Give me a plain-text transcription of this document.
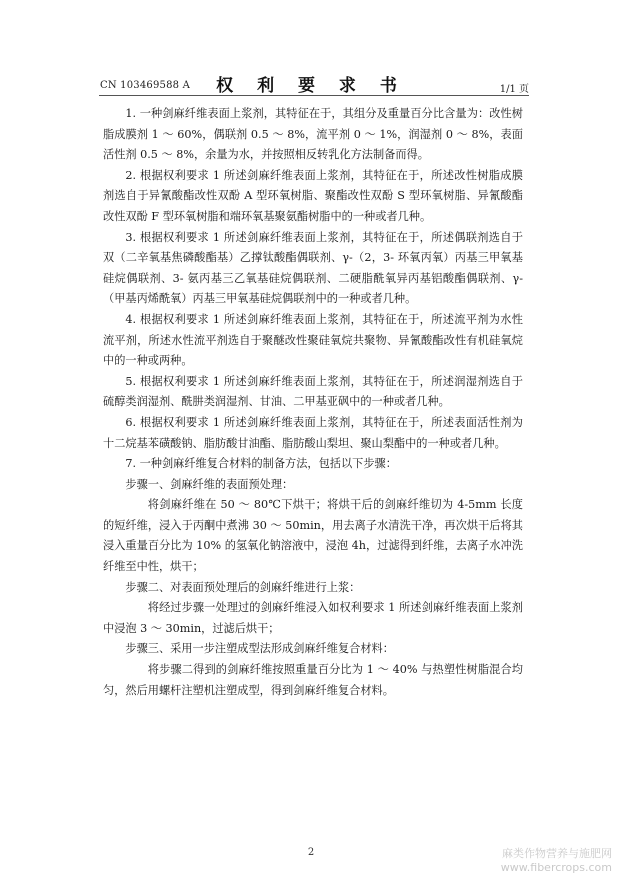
CN 103469588 A	权 利 要 求 书	1/1 页

1. 一种剑麻纤维表面上浆剂，其特征在于，其组分及重量百分比含量为：改性树脂成膜剂 1 ～ 60%，偶联剂 0.5 ～ 8%，流平剂 0 ～ 1%，润湿剂 0 ～ 8%，表面活性剂 0.5 ～ 8%，余量为水，并按照相反转乳化方法制备而得。

2. 根据权利要求 1 所述剑麻纤维表面上浆剂，其特征在于，所述改性树脂成膜剂选自于异氰酸酯改性双酚 A 型环氧树脂、聚酯改性双酚 S 型环氧树脂、异氰酸酯改性双酚 F 型环氧树脂和端环氧基聚氨酯树脂中的一种或者几种。

3. 根据权利要求 1 所述剑麻纤维表面上浆剂，其特征在于，所述偶联剂选自于双（二辛氧基焦磷酸酯基）乙撑钛酸酯偶联剂、γ-（2，3- 环氧丙氧）丙基三甲氧基硅烷偶联剂、3- 氨丙基三乙氧基硅烷偶联剂、二硬脂酰氧异丙基铝酸酯偶联剂、γ-（甲基丙烯酰氧）丙基三甲氧基硅烷偶联剂中的一种或者几种。

4. 根据权利要求 1 所述剑麻纤维表面上浆剂，其特征在于，所述流平剂为水性流平剂，所述水性流平剂选自于聚醚改性聚硅氧烷共聚物、异氰酸酯改性有机硅氧烷中的一种或两种。

5. 根据权利要求 1 所述剑麻纤维表面上浆剂，其特征在于，所述润湿剂选自于硫醇类润湿剂、酰肼类润湿剂、甘油、二甲基亚砜中的一种或者几种。

6. 根据权利要求 1 所述剑麻纤维表面上浆剂，其特征在于，所述表面活性剂为十二烷基苯磺酸钠、脂肪酸甘油酯、脂肪酸山梨坦、聚山梨酯中的一种或者几种。

7. 一种剑麻纤维复合材料的制备方法，包括以下步骤：

步骤一、剑麻纤维的表面预处理：

将剑麻纤维在 50 ～ 80℃下烘干；将烘干后的剑麻纤维切为 4-5mm 长度的短纤维，浸入于丙酮中煮沸 30 ～ 50min，用去离子水清洗干净，再次烘干后将其浸入重量百分比为 10% 的氢氧化钠溶液中，浸泡 4h，过滤得到纤维，去离子水冲洗纤维至中性，烘干；

步骤二、对表面预处理后的剑麻纤维进行上浆：

将经过步骤一处理过的剑麻纤维浸入如权利要求 1 所述剑麻纤维表面上浆剂中浸泡 3 ～ 30min，过滤后烘干；

步骤三、采用一步注塑成型法形成剑麻纤维复合材料：

将步骤二得到的剑麻纤维按照重量百分比为 1 ～ 40% 与热塑性树脂混合均匀，然后用螺杆注塑机注塑成型，得到剑麻纤维复合材料。

2	麻类作物营养与施肥网
www.fibercrops.com
